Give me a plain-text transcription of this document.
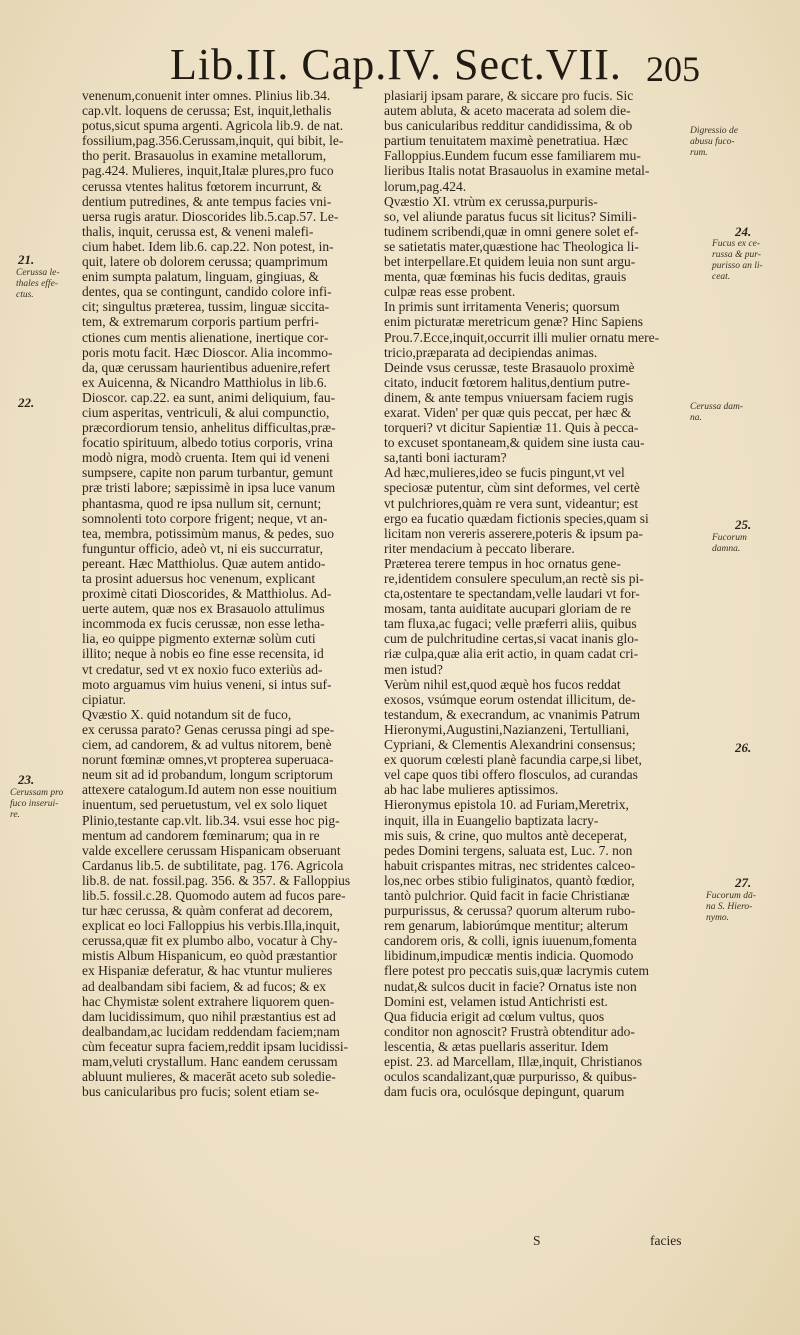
Lib.II. Cap.IV. Sect.VII. 205

venenum,conuenit inter omnes. Plinius lib.34.
cap.vlt. loquens de cerussa; Est, inquit,lethalis
potus,sicut spuma argenti. Agricola lib.9. de nat.
fossilium,pag.356.Cerussam,inquit, qui bibit, le-
tho perit. Brasauolus in examine metallorum,
pag.424. Mulieres, inquit,Italæ plures,pro fuco
cerussa vtentes halitus fœtorem incurrunt, &
dentium putredines, & ante tempus facies vni-
uersa rugis aratur. Dioscorides lib.5.cap.57. Le-
thalis, inquit, cerussa est, & veneni malefi-
cium habet. Idem lib.6. cap.22. Non potest, in-
quit, latere ob dolorem cerussa; quamprimum
enim sumpta palatum, linguam, gingiuas, &
dentes, qua se contingunt, candido colore infi-
cit; singultus præterea, tussim, linguæ siccita-
tem, & extremarum corporis partium perfri-
ctiones cum mentis alienatione, inertique cor-
poris motu facit. Hæc Dioscor. Alia incommo-
da, quæ cerussam haurientibus aduenire,refert
ex Auicenna, & Nicandro Matthiolus in lib.6.
Dioscor. cap.22. ea sunt, animi deliquium, fau-
cium asperitas, ventriculi, & alui compunctio,
præcordiorum tensio, anhelitus difficultas,præ-
focatio spirituum, albedo totius corporis, vrina
modò nigra, modò cruenta. Item qui id veneni
sumpsere, capite non parum turbantur, gemunt
præ tristi labore; sæpissimè in ipsa luce vanum
phantasma, quod re ipsa nullum sit, cernunt;
somnolenti toto corpore frigent; neque, vt an-
tea, membra, potissimùm manus, & pedes, suo
funguntur officio, adeò vt, ni eis succurratur,
pereant. Hæc Matthiolus. Quæ autem antido-
ta prosint aduersus hoc venenum, explicant
proximè citati Dioscorides, & Matthiolus. Ad-
uerte autem, quæ nos ex Brasauolo attulimus
incommoda ex fucis cerussæ, non esse letha-
lia, eo quippe pigmento externæ solùm cuti
illito; neque à nobis eo fine esse recensita, id
vt credatur, sed vt ex noxio fuco exteriùs ad-
moto arguamus vim huius veneni, si intus suf-
cipiatur.

Qvæstio X. quid notandum sit de fuco,
ex cerussa parato? Genas cerussa pingi ad spe-
ciem, ad candorem, & ad vultus nitorem, benè
norunt fœminæ omnes,vt propterea superuaca-
neum sit ad id probandum, longum scriptorum
attexere catalogum.Id autem non esse nouitium
inuentum, sed peruetustum, vel ex solo liquet
Plinio,testante cap.vlt. lib.34. vsui esse hoc pig-
mentum ad candorem fœminarum; qua in re
valde excellere cerussam Hispanicam obseruant
Cardanus lib.5. de subtilitate, pag. 176. Agricola
lib.8. de nat. fossil.pag. 356. & 357. & Falloppius
lib.5. fossil.c.28. Quomodo autem ad fucos pare-
tur hæc cerussa, & quàm conferat ad decorem,
explicat eo loci Falloppius his verbis.Illa,inquit,
cerussa,quæ fit ex plumbo albo, vocatur à Chy-
mistis Album Hispanicum, eo quòd præstantior
ex Hispaniæ deferatur, & hac vtuntur mulieres
ad dealbandam sibi faciem, & ad fucos; & ex
hac Chymistæ solent extrahere liquorem quen-
dam lucidissimum, quo nihil præstantius est ad
dealbandam,ac lucidam reddendam faciem;nam
cùm feceatur supra faciem,reddit ipsam lucidissi-
mam,veluti crystallum. Hanc eandem cerussam
abluunt mulieres, & macerāt aceto sub soledie-
bus canicularibus pro fucis; solent etiam se-

plasiarij ipsam parare, & siccare pro fucis. Sic
autem abluta, & aceto macerata ad solem die-
bus canicularibus redditur candidissima, & ob
partium tenuitatem maximè penetratiua. Hæc
Falloppius.Eundem fucum esse familiarem mu-
lieribus Italis notat Brasauolus in examine metal-
lorum,pag.424.

Qvæstio XI. vtrùm ex cerussa,purpuris-
so, vel aliunde paratus fucus sit licitus? Simili-
tudinem scribendi,quæ in omni genere solet ef-
se satietatis mater,quæstione hac Theologica li-
bet interpellare.Et quidem leuia non sunt argu-
menta, quæ fœminas his fucis deditas, grauis
culpæ reas esse probent.

In primis sunt irritamenta Veneris; quorsum
enim picturatæ meretricum genæ? Hinc Sapiens
Prou.7.Ecce,inquit,occurrit illi mulier ornatu mere-
tricio,præparata ad decipiendas animas.

Deinde vsus cerussæ, teste Brasauolo proximè
citato, inducit fœtorem halitus,dentium putre-
dinem, & ante tempus vniuersam faciem rugis
exarat. Viden' per quæ quis peccat, per hæc &
torqueri? vt dicitur Sapientiæ 11. Quis à pecca-
to excuset spontaneam,& quidem sine iusta cau-
sa,tanti boni iacturam?

Ad hæc,mulieres,ideo se fucis pingunt,vt vel
speciosæ putentur, cùm sint deformes, vel certè
vt pulchriores,quàm re vera sunt, videantur; est
ergo ea fucatio quædam fictionis species,quam si
licitam non vereris asserere,poteris & ipsum pa-
riter mendacium à peccato liberare.

Præterea terere tempus in hoc ornatus gene-
re,identidem consulere speculum,an rectè sis pi-
cta,ostentare te spectandam,velle laudari vt for-
mosam, tanta auiditate aucupari gloriam de re
tam fluxa,ac fugaci; velle præferri aliis, quibus
cum de pulchritudine certas,si vacat inanis glo-
riæ culpa,quæ alia erit actio, in quam cadat cri-
men istud?

Verùm nihil est,quod æquè hos fucos reddat
exosos, vsúmque eorum ostendat illicitum, de-
testandum, & execrandum, ac vnanimis Patrum
Hieronymi,Augustini,Nazianzeni, Tertulliani,
Cypriani, & Clementis Alexandrini consensus;
ex quorum cœlesti planè facundia carpe,si libet,
vel cape quos tibi offero flosculos, ad curandas
ab hac labe mulieres aptissimos.

Hieronymus epistola 10. ad Furiam,Meretrix,
inquit, illa in Euangelio baptizata lacry-
mis suis, & crine, quo multos antè deceperat,
pedes Domini tergens, saluata est, Luc. 7. non
habuit crispantes mitras, nec stridentes calceo-
los,nec orbes stibio fuliginatos, quantò fœdior,
tantò pulchrior. Quid facit in facie Christianæ
purpurissus, & cerussa? quorum alterum rubo-
rem genarum, labiorúmque mentitur; alterum
candorem oris, & colli, ignis iuuenum,fomenta
libidinum,impudicæ mentis indicia. Quomodo
flere potest pro peccatis suis,quæ lacrymis cutem
nudat,& sulcos ducit in facie? Ornatus iste non
Domini est, velamen istud Antichristi est.
Qua fiducia erigit ad cœlum vultus, quos
conditor non agnoscit? Frustrà obtenditur ado-
lescentia, & ætas puellaris asseritur. Idem
epist. 23. ad Marcellam, Illæ,inquit, Christianos
oculos scandalizant,quæ purpurisso, & quibus-
dam fucis ora, oculósque depingunt, quarum

21.
Cerussa le-
thales effe-
ctus.
22.
23.
Cerussam pro
fuco inserui-
re.
Digressio de
abusu fuco-
rum.
24.
Fucus ex ce-
russa & pur-
purisso an li-
ceat.
Cerussa dam-
na.
25.
Fucorum
damna.
26.
27.
Fucorum dā-
na S. Hiero-
nymo.
S	facies
